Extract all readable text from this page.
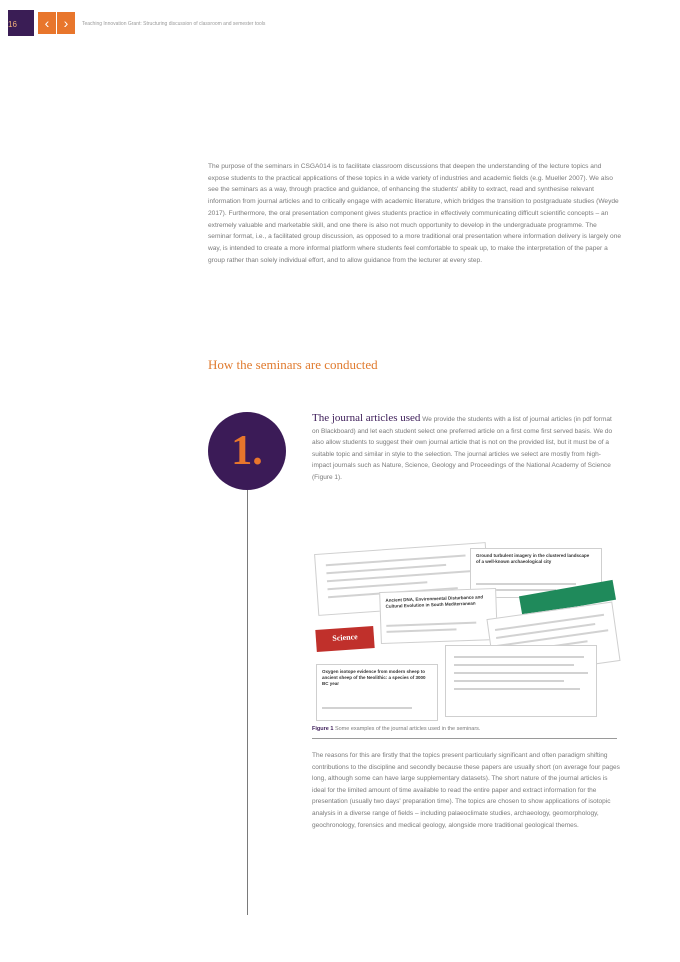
16 ‹ ›	Teaching Innovation Grant: Structuring discussion of classroom and semester tools

The purpose of the seminars in CSGA014 is to facilitate classroom discussions that deepen the understanding of the lecture topics and expose students to the practical applications of these topics in a wide variety of industries and academic fields (e.g. Mueller 2007). We also see the seminars as a way, through practice and guidance, of enhancing the students' ability to extract, read and synthesise relevant information from journal articles and to critically engage with academic literature, which bridges the transition to postgraduate studies (Weyde 2017). Furthermore, the oral presentation component gives students practice in effectively communicating difficult scientific concepts – an extremely valuable and marketable skill, and one there is also not much opportunity to develop in the undergraduate programme. The seminar format, i.e., a facilitated group discussion, as opposed to a more traditional oral presentation where information delivery is largely one way, is intended to create a more informal platform where students feel comfortable to speak up, to make the interpretation of the paper a group rather than solely individual effort, and to allow guidance from the lecturer at every step.

How the seminars are conducted
1.

The journal articles used We provide the students with a list of journal articles (in pdf format on Blackboard) and let each student select one preferred article on a first come first served basis. We do also allow students to suggest their own journal article that is not on the provided list, but it must be of a suitable topic and similar in style to the selection. The journal articles we select are mostly from high-impact journals such as Nature, Science, Geology and Proceedings of the National Academy of Science (Figure 1).

Ground turbulent imagery in the clustered landscape of a well-known archaeological city
Ancient DNA, Environmental Disturbance and Cultural Evolution in South Mediterranean
Oxygen isotope evidence from modern sheep to ancient sheep of the Neolithic: a species of 3000 BC year
Science

Figure 1 Some examples of the journal articles used in the seminars.

The reasons for this are firstly that the topics present particularly significant and often paradigm shifting contributions to the discipline and secondly because these papers are usually short (on average four pages long, although some can have large supplementary datasets). The short nature of the journal articles is ideal for the limited amount of time available to read the entire paper and extract information for the presentation (usually two days' preparation time). The topics are chosen to show applications of isotopic analysis in a diverse range of fields – including palaeoclimate studies, archaeology, geomorphology, geochronology, forensics and medical geology, alongside more traditional geological themes.
